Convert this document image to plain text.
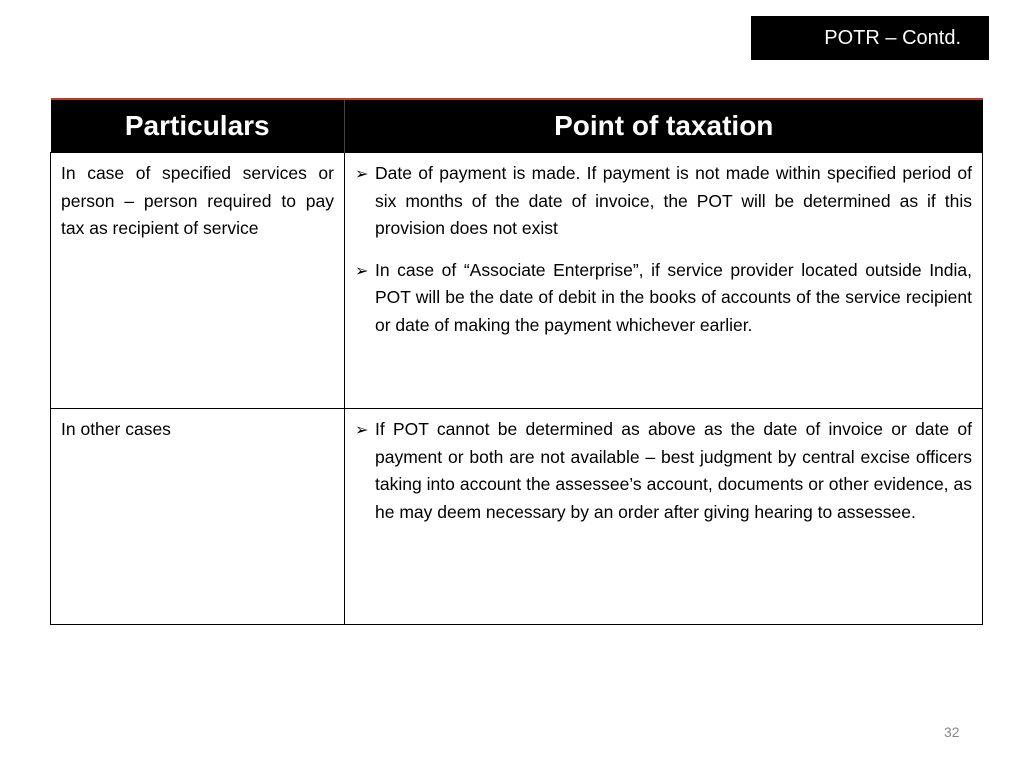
POTR – Contd.
Particulars	Point of taxation
In case of specified services or person – person required to pay tax as recipient of service	➢ Date of payment is made. If payment is not made within specified period of six months of the date of invoice, the POT will be determined as if this provision does not exist
➢ In case of “Associate Enterprise”, if service provider located outside India, POT will be the date of debit in the books of accounts of the service recipient or date of making the payment whichever earlier.

In other cases	➢ If POT cannot be determined as above as the date of invoice or date of payment or both are not available – best judgment by central excise officers taking into account the assessee’s account, documents or other evidence, as he may deem necessary by an order after giving hearing to assessee.
32
